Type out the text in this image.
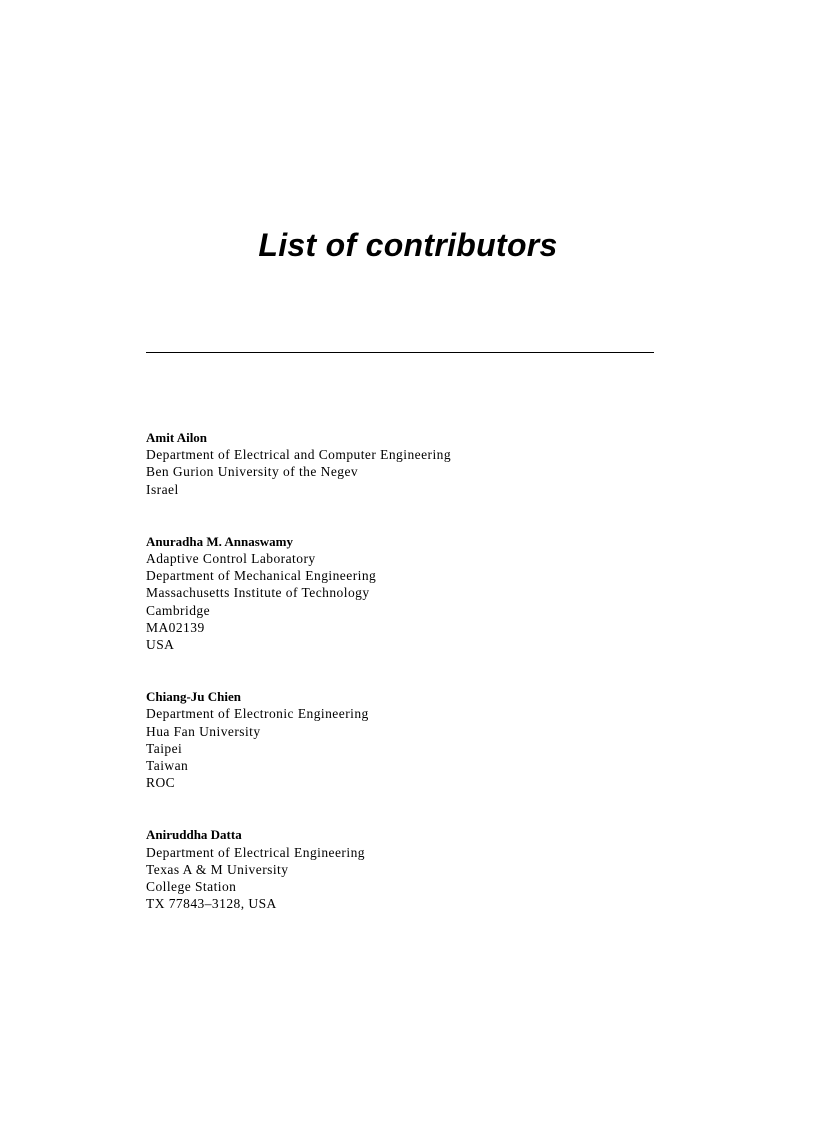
List of contributors

Amit Ailon

Department of Electrical and Computer Engineering

Ben Gurion University of the Negev

Israel

Anuradha M. Annaswamy

Adaptive Control Laboratory

Department of Mechanical Engineering

Massachusetts Institute of Technology

Cambridge

MA02139

USA

Chiang-Ju Chien

Department of Electronic Engineering

Hua Fan University

Taipei

Taiwan

ROC

Aniruddha Datta

Department of Electrical Engineering

Texas A & M University

College Station

TX 77843–3128, USA
